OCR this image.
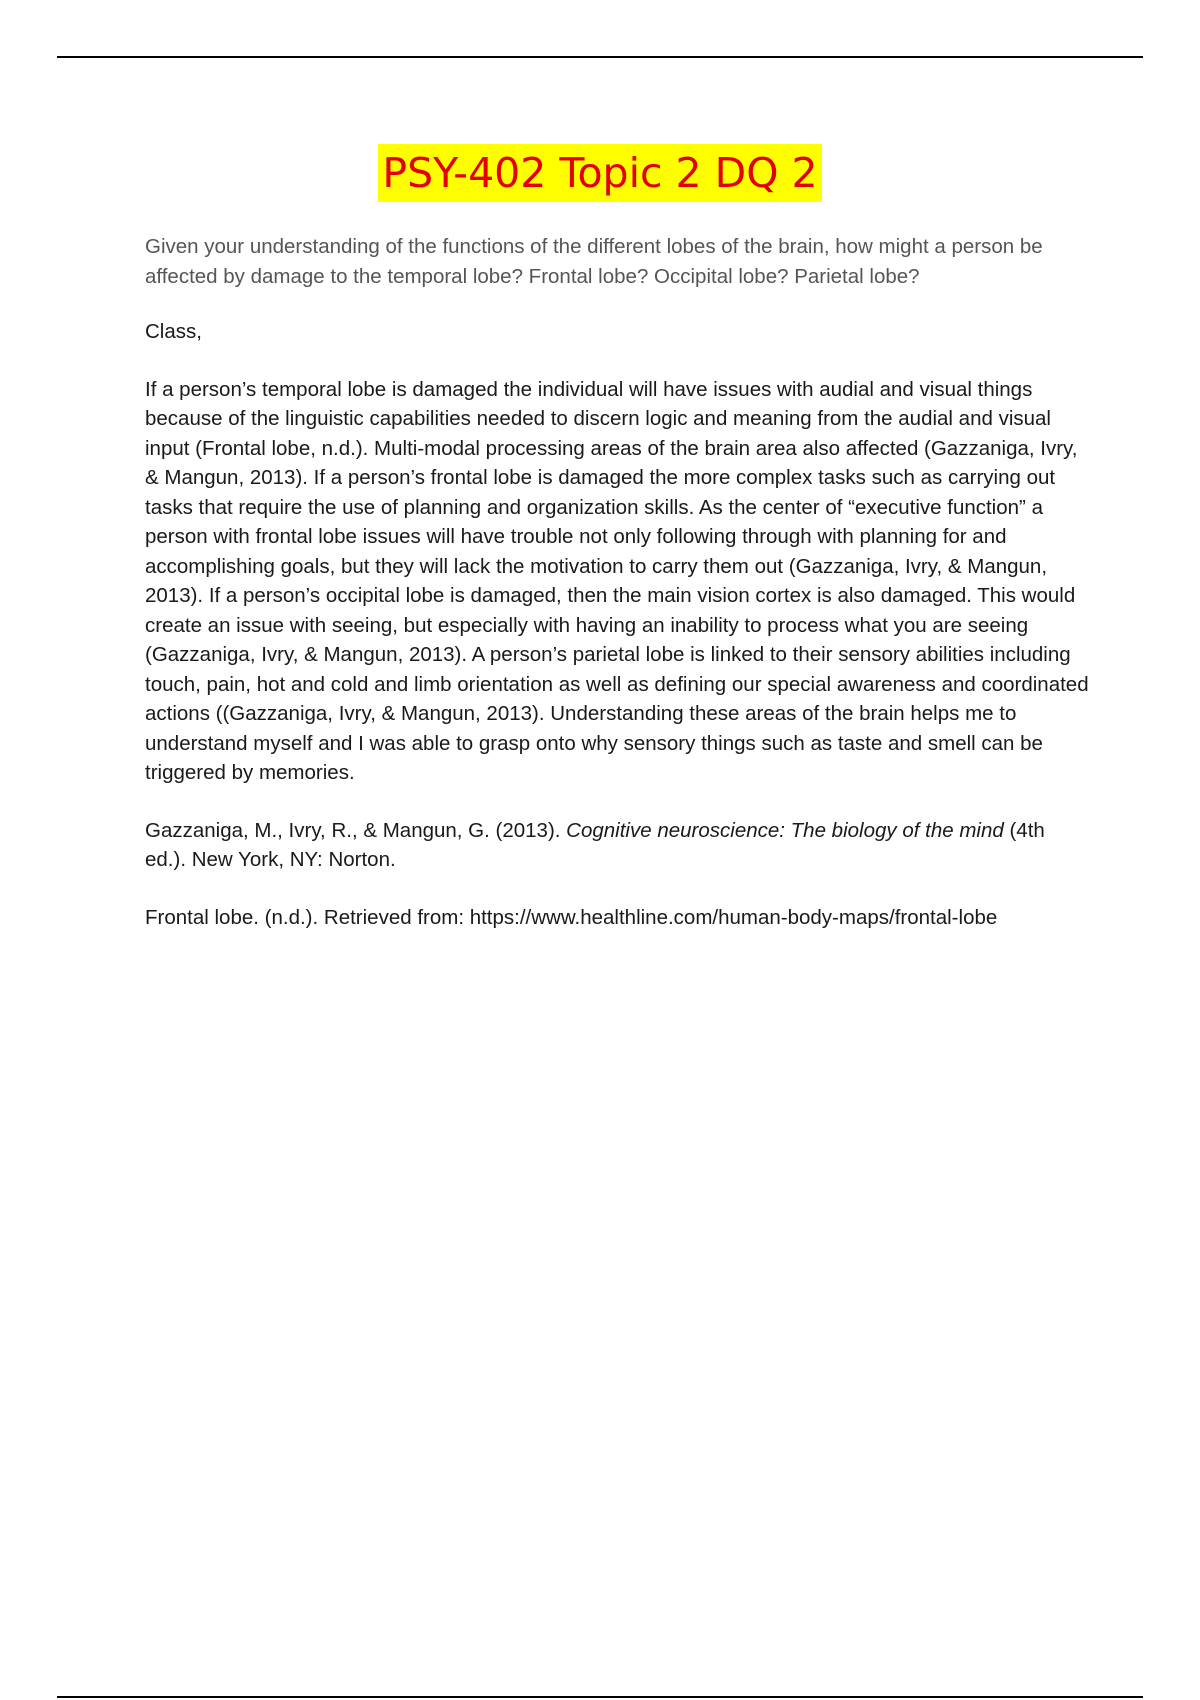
PSY-402 Topic 2 DQ 2

Given your understanding of the functions of the different lobes of the brain, how might a person be affected by damage to the temporal lobe? Frontal lobe? Occipital lobe? Parietal lobe?

Class,

If a person’s temporal lobe is damaged the individual will have issues with audial and visual things because of the linguistic capabilities needed to discern logic and meaning from the audial and visual input (Frontal lobe, n.d.). Multi-modal processing areas of the brain area also affected (Gazzaniga, Ivry, & Mangun, 2013). If a person’s frontal lobe is damaged the more complex tasks such as carrying out tasks that require the use of planning and organization skills. As the center of “executive function” a person with frontal lobe issues will have trouble not only following through with planning for and accomplishing goals, but they will lack the motivation to carry them out (Gazzaniga, Ivry, & Mangun, 2013). If a person’s occipital lobe is damaged, then the main vision cortex is also damaged. This would create an issue with seeing, but especially with having an inability to process what you are seeing (Gazzaniga, Ivry, & Mangun, 2013). A person’s parietal lobe is linked to their sensory abilities including touch, pain, hot and cold and limb orientation as well as defining our special awareness and coordinated actions ((Gazzaniga, Ivry, & Mangun, 2013). Understanding these areas of the brain helps me to understand myself and I was able to grasp onto why sensory things such as taste and smell can be triggered by memories.

Gazzaniga, M., Ivry, R., & Mangun, G. (2013). Cognitive neuroscience: The biology of the mind (4th ed.). New York, NY: Norton.

Frontal lobe. (n.d.). Retrieved from: https://www.healthline.com/human-body-maps/frontal-lobe
